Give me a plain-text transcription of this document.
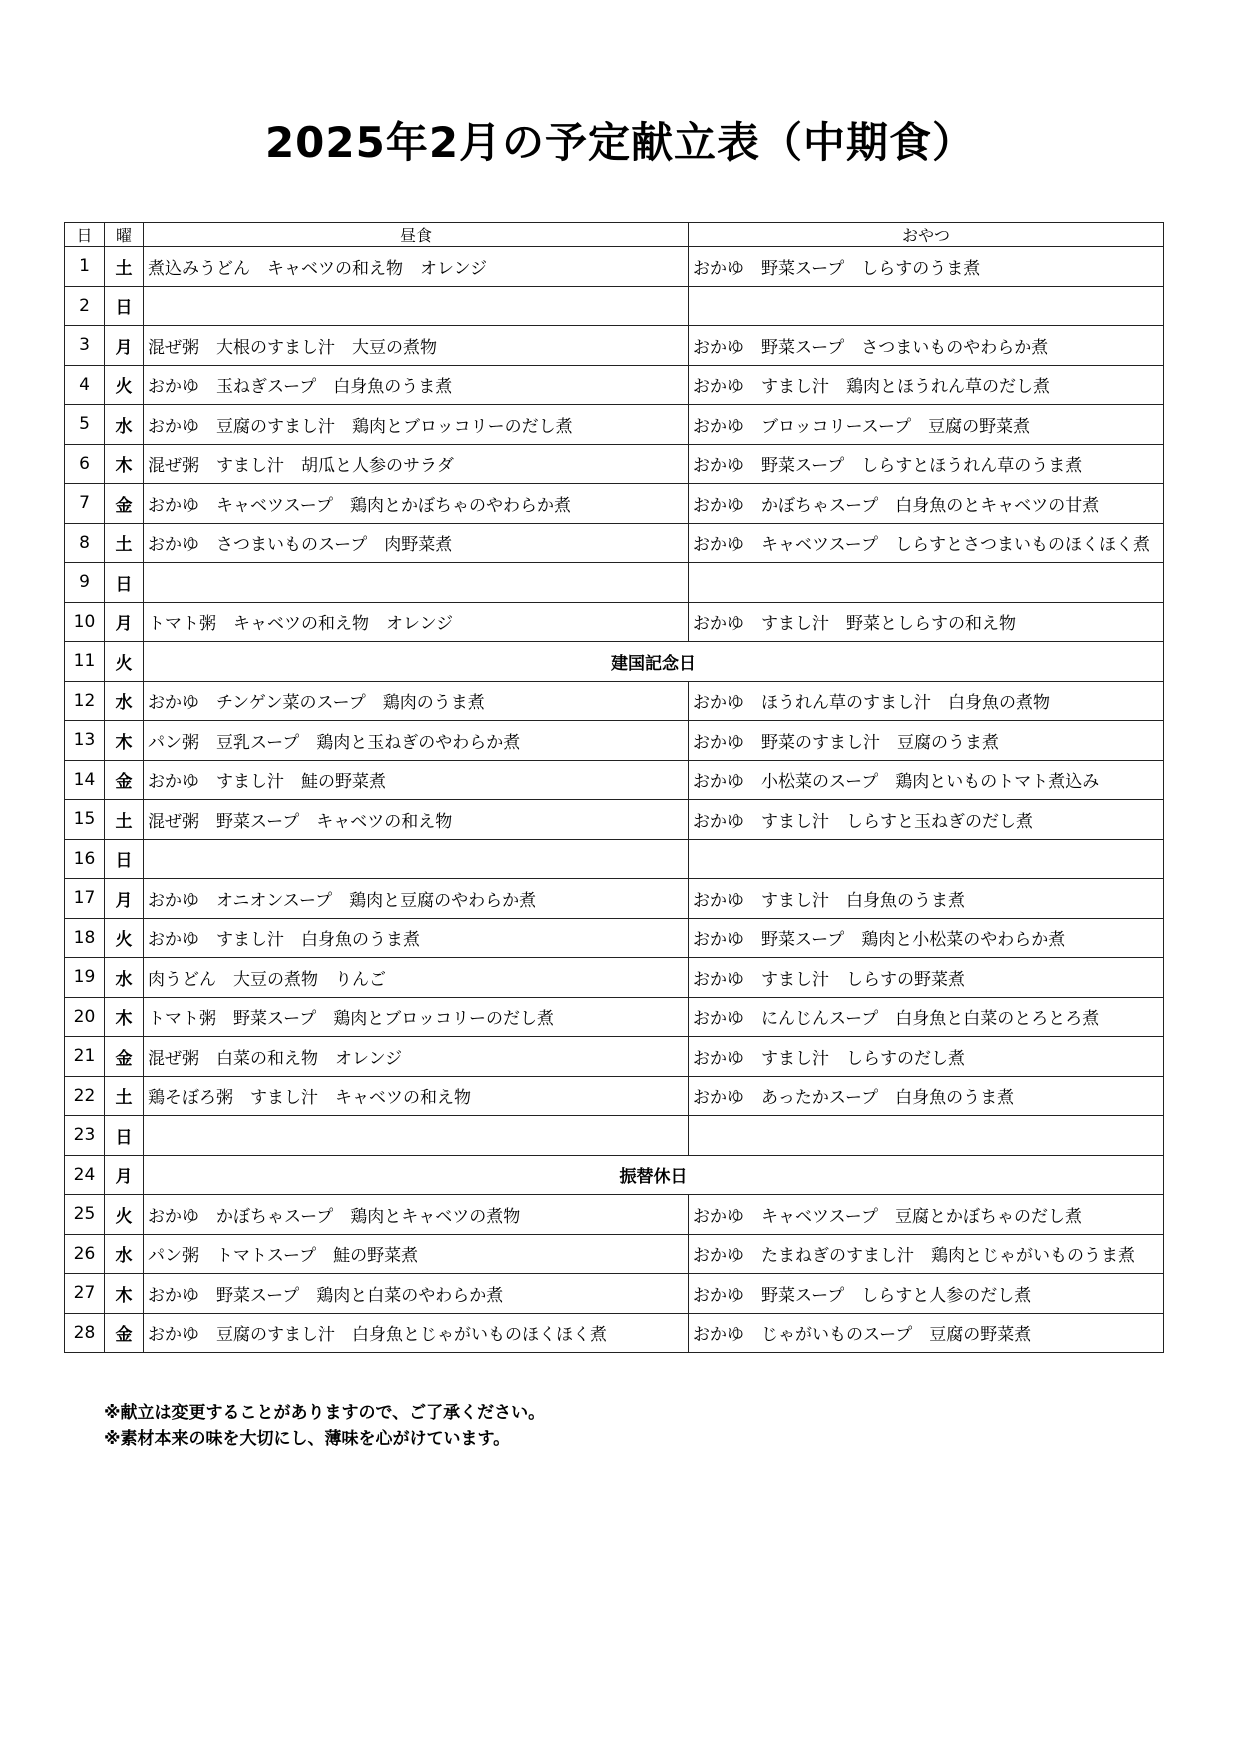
2025年2月の予定献立表（中期食）
日	曜	昼食	おやつ
1	土	煮込みうどん　キャベツの和え物　オレンジ	おかゆ　野菜スープ　しらすのうま煮
2	日		
3	月	混ぜ粥　大根のすまし汁　大豆の煮物	おかゆ　野菜スープ　さつまいものやわらか煮
4	火	おかゆ　玉ねぎスープ　白身魚のうま煮	おかゆ　すまし汁　鶏肉とほうれん草のだし煮
5	水	おかゆ　豆腐のすまし汁　鶏肉とブロッコリーのだし煮	おかゆ　ブロッコリースープ　豆腐の野菜煮
6	木	混ぜ粥　すまし汁　胡瓜と人参のサラダ	おかゆ　野菜スープ　しらすとほうれん草のうま煮
7	金	おかゆ　キャベツスープ　鶏肉とかぼちゃのやわらか煮	おかゆ　かぼちゃスープ　白身魚のとキャベツの甘煮
8	土	おかゆ　さつまいものスープ　肉野菜煮	おかゆ　キャベツスープ　しらすとさつまいものほくほく煮
9	日		
10	月	トマト粥　キャベツの和え物　オレンジ	おかゆ　すまし汁　野菜としらすの和え物
11	火	建国記念日	
12	水	おかゆ　チンゲン菜のスープ　鶏肉のうま煮	おかゆ　ほうれん草のすまし汁　白身魚の煮物
13	木	パン粥　豆乳スープ　鶏肉と玉ねぎのやわらか煮	おかゆ　野菜のすまし汁　豆腐のうま煮
14	金	おかゆ　すまし汁　鮭の野菜煮	おかゆ　小松菜のスープ　鶏肉といものトマト煮込み
15	土	混ぜ粥　野菜スープ　キャベツの和え物	おかゆ　すまし汁　しらすと玉ねぎのだし煮
16	日		
17	月	おかゆ　オニオンスープ　鶏肉と豆腐のやわらか煮	おかゆ　すまし汁　白身魚のうま煮
18	火	おかゆ　すまし汁　白身魚のうま煮	おかゆ　野菜スープ　鶏肉と小松菜のやわらか煮
19	水	肉うどん　大豆の煮物　りんご	おかゆ　すまし汁　しらすの野菜煮
20	木	トマト粥　野菜スープ　鶏肉とブロッコリーのだし煮	おかゆ　にんじんスープ　白身魚と白菜のとろとろ煮
21	金	混ぜ粥　白菜の和え物　オレンジ	おかゆ　すまし汁　しらすのだし煮
22	土	鶏そぼろ粥　すまし汁　キャベツの和え物	おかゆ　あったかスープ　白身魚のうま煮
23	日		
24	月	振替休日	
25	火	おかゆ　かぼちゃスープ　鶏肉とキャベツの煮物	おかゆ　キャベツスープ　豆腐とかぼちゃのだし煮
26	水	パン粥　トマトスープ　鮭の野菜煮	おかゆ　たまねぎのすまし汁　鶏肉とじゃがいものうま煮
27	木	おかゆ　野菜スープ　鶏肉と白菜のやわらか煮	おかゆ　野菜スープ　しらすと人参のだし煮
28	金	おかゆ　豆腐のすまし汁　白身魚とじゃがいものほくほく煮	おかゆ　じゃがいものスープ　豆腐の野菜煮
※献立は変更することがありますので、ご了承ください。
※素材本来の味を大切にし、薄味を心がけています。
